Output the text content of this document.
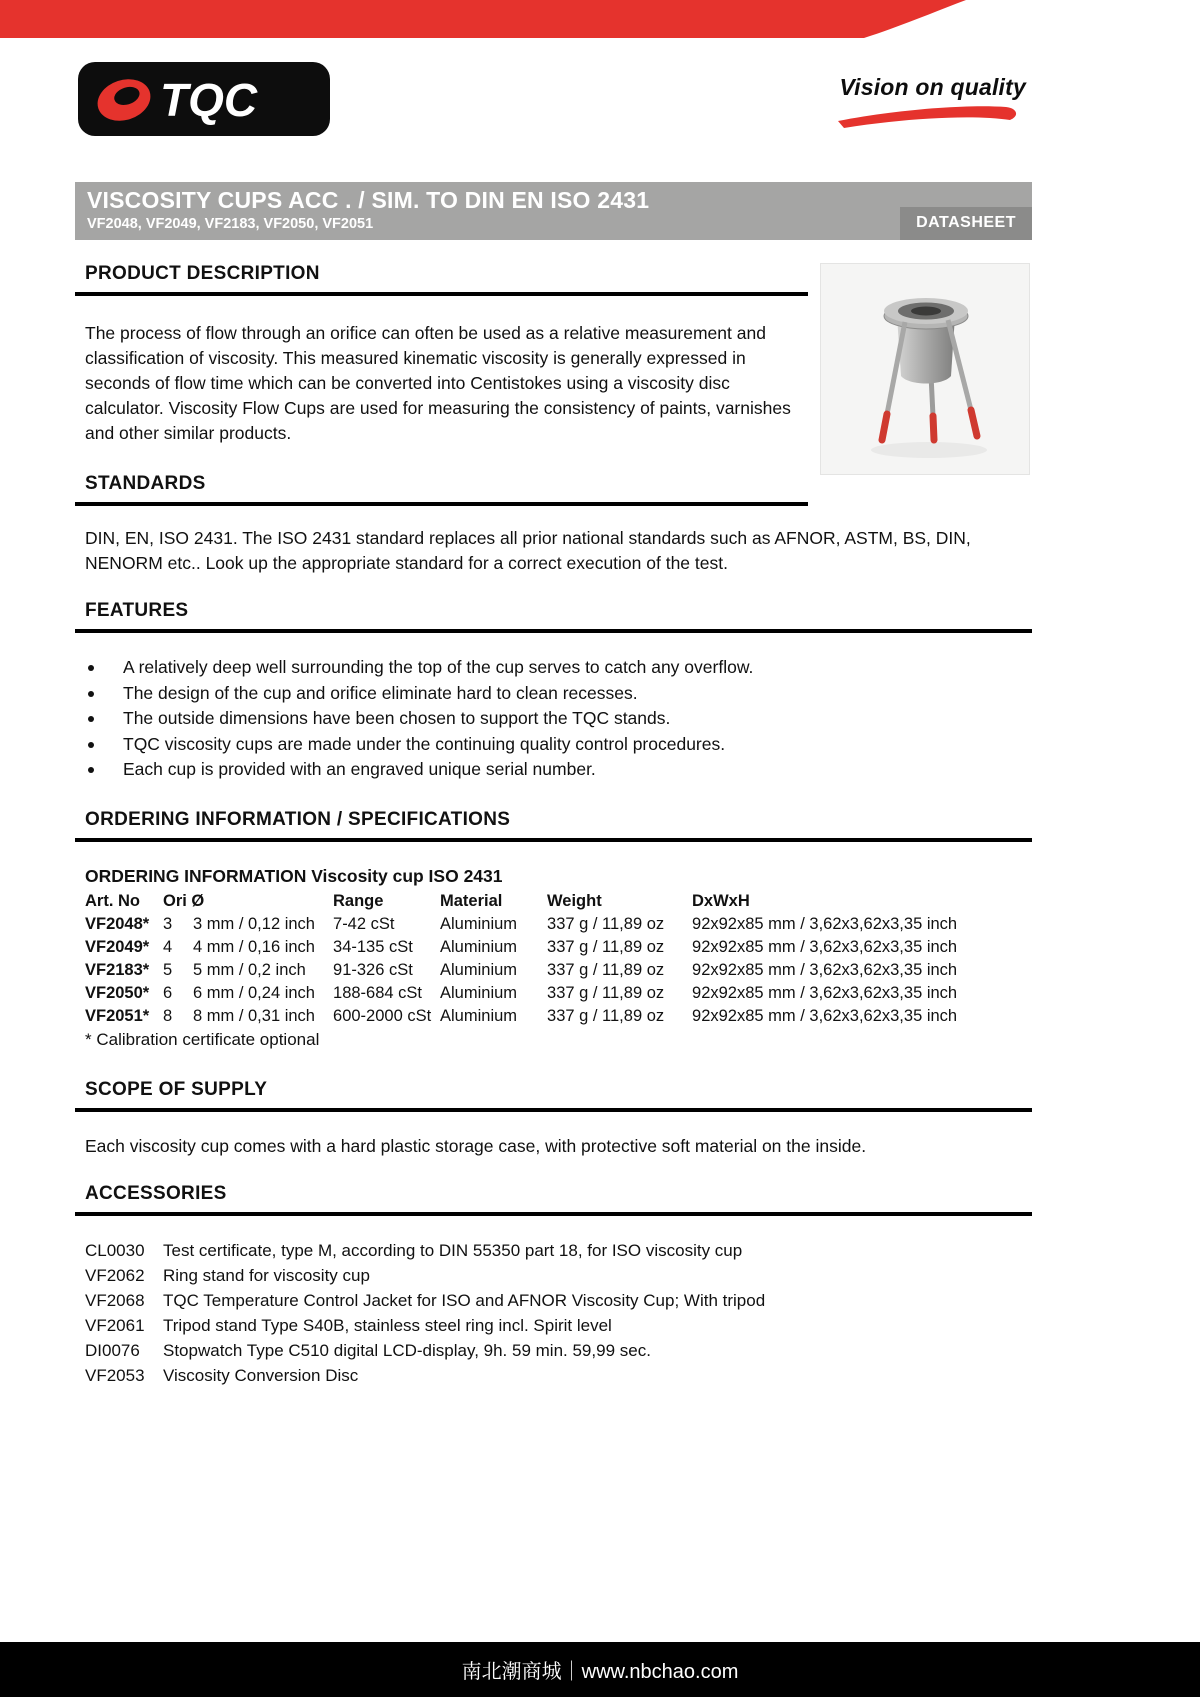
TQC	Vision on quality
VISCOSITY CUPS ACC . / SIM. TO DIN EN ISO 2431
VF2048, VF2049, VF2183, VF2050, VF2051	DATASHEET
PRODUCT DESCRIPTION

The process of flow through an orifice can often be used as a relative measurement and classification of viscosity. This measured kinematic viscosity is generally expressed in seconds of flow time which can be converted into Centistokes using a viscosity disc calculator. Viscosity Flow Cups are used for measuring the consistency of paints, varnishes and other similar products.

STANDARDS

DIN, EN, ISO 2431. The ISO 2431 standard replaces all prior national standards such as AFNOR, ASTM, BS, DIN, NENORM etc.. Look up the appropriate standard for a correct execution of the test.

FEATURES
A relatively deep well surrounding the top of the cup serves to catch any overflow.
The design of the cup and orifice eliminate hard to clean recesses.
The outside dimensions have been chosen to support the TQC stands.
TQC viscosity cups are made under the continuing quality control procedures.
Each cup is provided with an engraved unique serial number.
ORDERING INFORMATION / SPECIFICATIONS
ORDERING INFORMATION Viscosity cup ISO 2431
Art. No	Ori Ø		Range	Material	Weight	DxWxH
VF2048*	3	3 mm / 0,12 inch	7-42 cSt	Aluminium	337 g / 11,89 oz	92x92x85 mm / 3,62x3,62x3,35 inch
VF2049*	4	4 mm / 0,16 inch	34-135 cSt	Aluminium	337 g / 11,89 oz	92x92x85 mm / 3,62x3,62x3,35 inch
VF2183*	5	5 mm / 0,2 inch	91-326 cSt	Aluminium	337 g / 11,89 oz	92x92x85 mm / 3,62x3,62x3,35 inch
VF2050*	6	6 mm / 0,24 inch	188-684 cSt	Aluminium	337 g / 11,89 oz	92x92x85 mm / 3,62x3,62x3,35 inch
VF2051*	8	8 mm / 0,31 inch	600-2000 cSt	Aluminium	337 g / 11,89 oz	92x92x85 mm / 3,62x3,62x3,35 inch
* Calibration certificate optional
SCOPE OF SUPPLY

Each viscosity cup comes with a hard plastic storage case, with protective soft material on the inside.

ACCESSORIES
CL0030	Test certificate, type M, according to DIN 55350 part 18, for ISO viscosity cup
VF2062	Ring stand for viscosity cup
VF2068	TQC Temperature Control Jacket for ISO and AFNOR Viscosity Cup; With tripod
VF2061	Tripod stand Type S40B, stainless steel ring incl. Spirit level
DI0076	Stopwatch Type C510 digital LCD-display, 9h. 59 min. 59,99 sec.
VF2053	Viscosity Conversion Disc
南北潮商城｜www.nbchao.com
